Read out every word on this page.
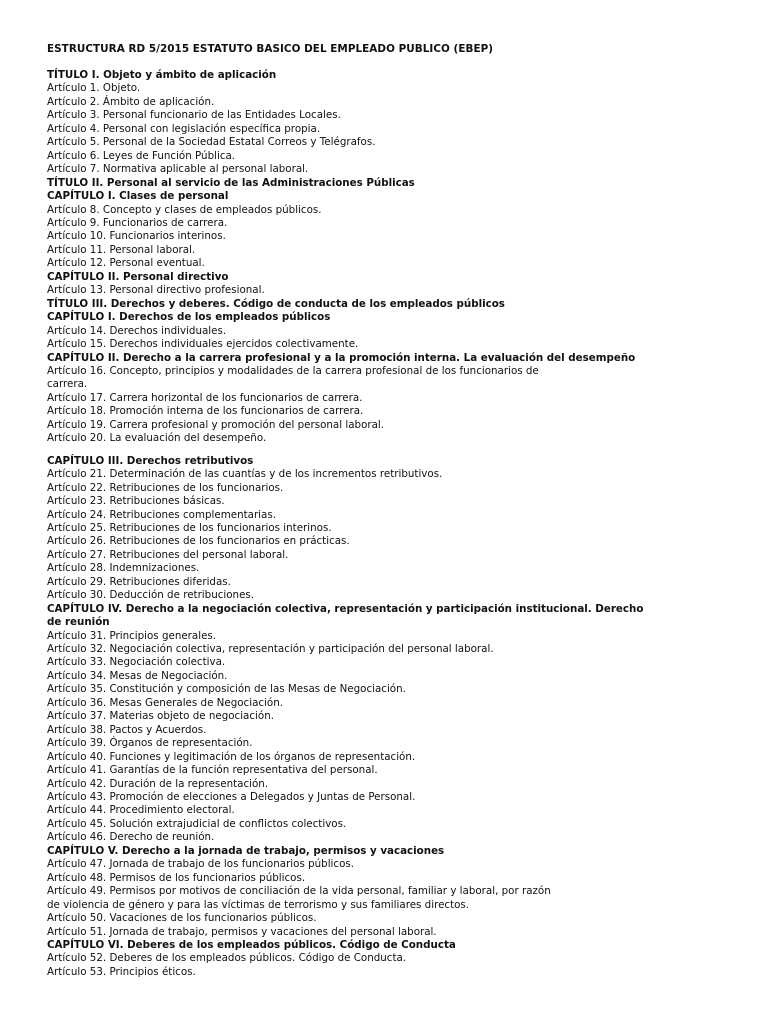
ESTRUCTURA RD 5/2015 ESTATUTO BASICO DEL EMPLEADO PUBLICO (EBEP)
TÍTULO I. Objeto y ámbito de aplicación
Artículo 1. Objeto.
Artículo 2. Ámbito de aplicación.
Artículo 3. Personal funcionario de las Entidades Locales.
Artículo 4. Personal con legislación específica propia.
Artículo 5. Personal de la Sociedad Estatal Correos y Telégrafos.
Artículo 6. Leyes de Función Pública.
Artículo 7. Normativa aplicable al personal laboral.
TÍTULO II. Personal al servicio de las Administraciones Públicas
CAPÍTULO I. Clases de personal
Artículo 8. Concepto y clases de empleados públicos.
Artículo 9. Funcionarios de carrera.
Artículo 10. Funcionarios interinos.
Artículo 11. Personal laboral.
Artículo 12. Personal eventual.
CAPÍTULO II. Personal directivo
Artículo 13. Personal directivo profesional.
TÍTULO III. Derechos y deberes. Código de conducta de los empleados públicos
CAPÍTULO I. Derechos de los empleados públicos
Artículo 14. Derechos individuales.
Artículo 15. Derechos individuales ejercidos colectivamente.
CAPÍTULO II. Derecho a la carrera profesional y a la promoción interna. La evaluación del desempeño
Artículo 16. Concepto, principios y modalidades de la carrera profesional de los funcionarios de
carrera.
Artículo 17. Carrera horizontal de los funcionarios de carrera.
Artículo 18. Promoción interna de los funcionarios de carrera.
Artículo 19. Carrera profesional y promoción del personal laboral.
Artículo 20. La evaluación del desempeño.
CAPÍTULO III. Derechos retributivos
Artículo 21. Determinación de las cuantías y de los incrementos retributivos.
Artículo 22. Retribuciones de los funcionarios.
Artículo 23. Retribuciones básicas.
Artículo 24. Retribuciones complementarias.
Artículo 25. Retribuciones de los funcionarios interinos.
Artículo 26. Retribuciones de los funcionarios en prácticas.
Artículo 27. Retribuciones del personal laboral.
Artículo 28. Indemnizaciones.
Artículo 29. Retribuciones diferidas.
Artículo 30. Deducción de retribuciones.
CAPÍTULO IV. Derecho a la negociación colectiva, representación y participación institucional. Derecho
de reunión
Artículo 31. Principios generales.
Artículo 32. Negociación colectiva, representación y participación del personal laboral.
Artículo 33. Negociación colectiva.
Artículo 34. Mesas de Negociación.
Artículo 35. Constitución y composición de las Mesas de Negociación.
Artículo 36. Mesas Generales de Negociación.
Artículo 37. Materias objeto de negociación.
Artículo 38. Pactos y Acuerdos.
Artículo 39. Órganos de representación.
Artículo 40. Funciones y legitimación de los órganos de representación.
Artículo 41. Garantías de la función representativa del personal.
Artículo 42. Duración de la representación.
Artículo 43. Promoción de elecciones a Delegados y Juntas de Personal.
Artículo 44. Procedimiento electoral.
Artículo 45. Solución extrajudicial de conflictos colectivos.
Artículo 46. Derecho de reunión.
CAPÍTULO V. Derecho a la jornada de trabajo, permisos y vacaciones
Artículo 47. Jornada de trabajo de los funcionarios públicos.
Artículo 48. Permisos de los funcionarios públicos.
Artículo 49. Permisos por motivos de conciliación de la vida personal, familiar y laboral, por razón
de violencia de género y para las víctimas de terrorismo y sus familiares directos.
Artículo 50. Vacaciones de los funcionarios públicos.
Artículo 51. Jornada de trabajo, permisos y vacaciones del personal laboral.
CAPÍTULO VI. Deberes de los empleados públicos. Código de Conducta
Artículo 52. Deberes de los empleados públicos. Código de Conducta.
Artículo 53. Principios éticos.
